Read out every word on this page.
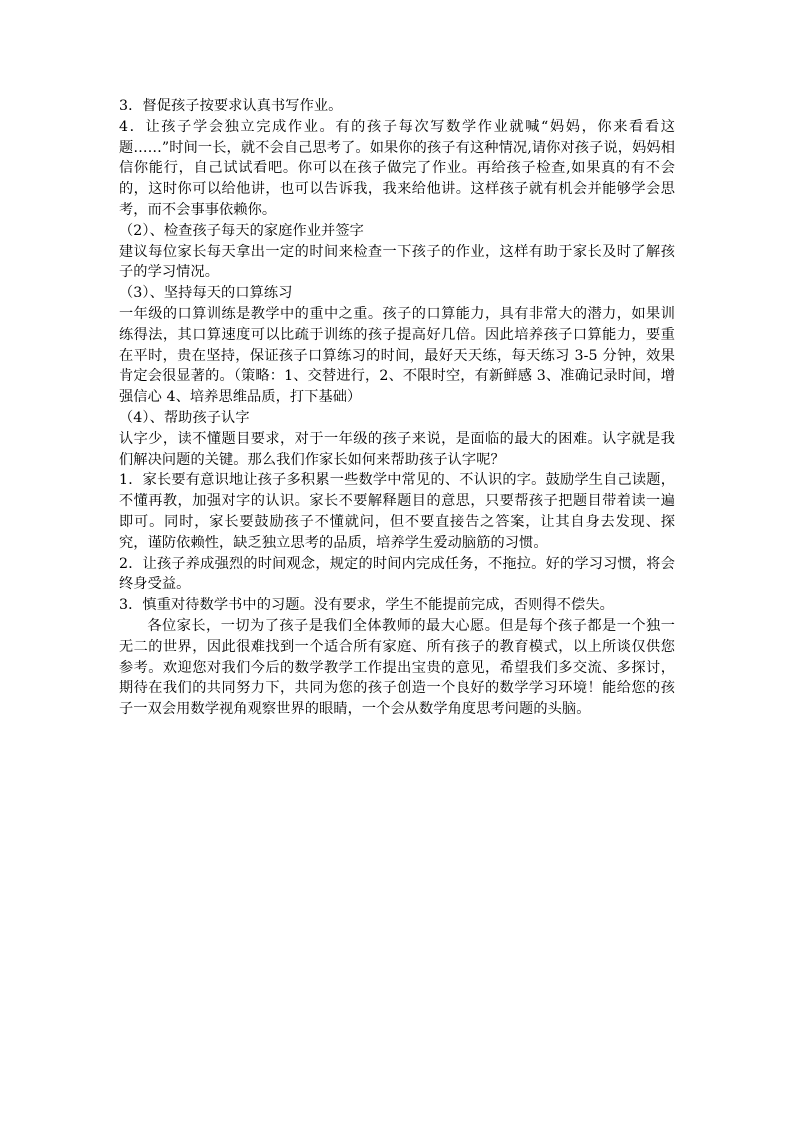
3．督促孩子按要求认真书写作业。

4．让孩子学会独立完成作业。有的孩子每次写数学作业就喊“妈妈，你来看看这题……”时间一长，就不会自己思考了。如果你的孩子有这种情况,请你对孩子说，妈妈相信你能行，自己试试看吧。你可以在孩子做完了作业。再给孩子检查,如果真的有不会的，这时你可以给他讲，也可以告诉我，我来给他讲。这样孩子就有机会并能够学会思考，而不会事事依赖你。

（2）、检查孩子每天的家庭作业并签字

建议每位家长每天拿出一定的时间来检查一下孩子的作业，这样有助于家长及时了解孩子的学习情况。

（3）、坚持每天的口算练习

一年级的口算训练是教学中的重中之重。孩子的口算能力，具有非常大的潜力，如果训练得法，其口算速度可以比疏于训练的孩子提高好几倍。因此培养孩子口算能力，要重在平时，贵在坚持，保证孩子口算练习的时间，最好天天练，每天练习 3-5 分钟，效果肯定会很显著的。（策略：1、交替进行，2、不限时空，有新鲜感 3、准确记录时间，增强信心 4、培养思维品质，打下基础）

（4）、帮助孩子认字

认字少，读不懂题目要求，对于一年级的孩子来说，是面临的最大的困难。认字就是我们解决问题的关键。那么我们作家长如何来帮助孩子认字呢？

1．家长要有意识地让孩子多积累一些数学中常见的、不认识的字。鼓励学生自己读题，不懂再教，加强对字的认识。家长不要解释题目的意思，只要帮孩子把题目带着读一遍即可。同时，家长要鼓励孩子不懂就问，但不要直接告之答案，让其自身去发现、探究，谨防依赖性，缺乏独立思考的品质，培养学生爱动脑筋的习惯。

2．让孩子养成强烈的时间观念，规定的时间内完成任务，不拖拉。好的学习习惯，将会终身受益。

3．慎重对待数学书中的习题。没有要求，学生不能提前完成，否则得不偿失。

各位家长，一切为了孩子是我们全体教师的最大心愿。但是每个孩子都是一个独一无二的世界，因此很难找到一个适合所有家庭、所有孩子的教育模式，以上所谈仅供您参考。欢迎您对我们今后的数学教学工作提出宝贵的意见，希望我们多交流、多探讨，期待在我们的共同努力下，共同为您的孩子创造一个良好的数学学习环境！能给您的孩子一双会用数学视角观察世界的眼睛，一个会从数学角度思考问题的头脑。
